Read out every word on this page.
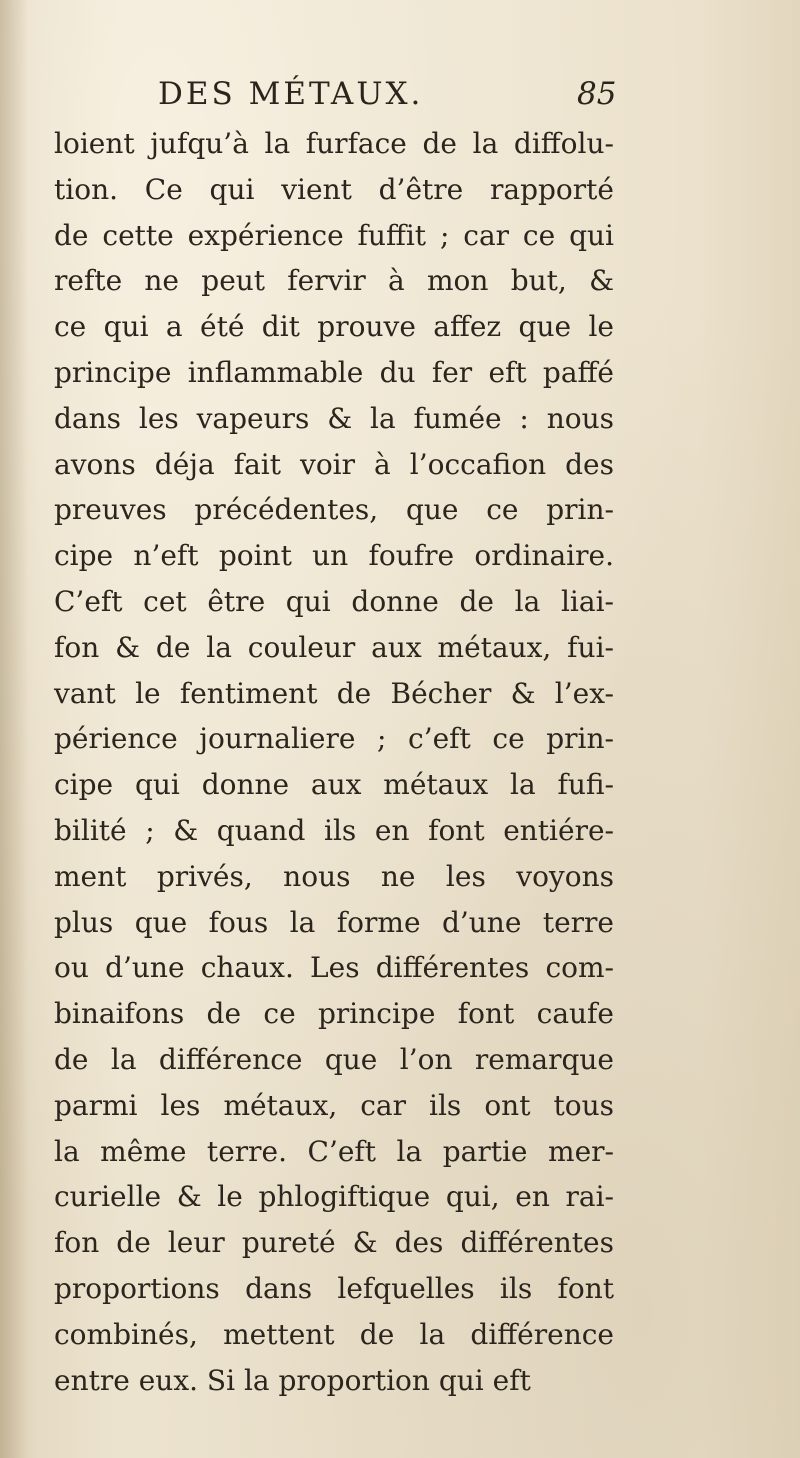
DES MÉTAUX.	85
loient jufqu’à la furface de la diffolu-
tion. Ce qui vient d’être rapporté
de cette expérience fuffit ; car ce qui
refte ne peut fervir à mon but, &
ce qui a été dit prouve affez que le
principe inflammable du fer eft paffé
dans les vapeurs & la fumée : nous
avons déja fait voir à l’occafion des
preuves précédentes, que ce prin-
cipe n’eft point un foufre ordinaire.
C’eft cet être qui donne de la liai-
fon & de la couleur aux métaux, fui-
vant le fentiment de Bécher & l’ex-
périence journaliere ; c’eft ce prin-
cipe qui donne aux métaux la fufi-
bilité ; & quand ils en font entiére-
ment privés, nous ne les voyons
plus que fous la forme d’une terre
ou d’une chaux. Les différentes com-
binaifons de ce principe font caufe
de la différence que l’on remarque
parmi les métaux, car ils ont tous
la même terre. C’eft la partie mer-
curielle & le phlogiftique qui, en rai-
fon de leur pureté & des différentes
proportions dans lefquelles ils font
combinés, mettent de la différence
entre eux. Si la proportion qui eft
